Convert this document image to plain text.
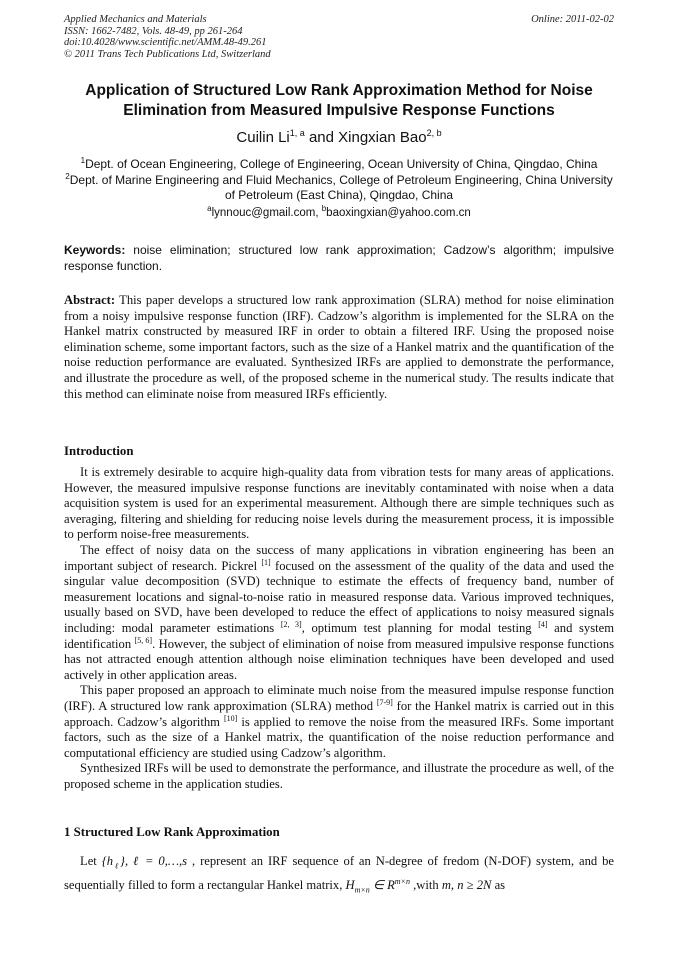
Applied Mechanics and Materials
ISSN: 1662-7482, Vols. 48-49, pp 261-264
doi:10.4028/www.scientific.net/AMM.48-49.261
© 2011 Trans Tech Publications Ltd, Switzerland
Online: 2011-02-02
Application of Structured Low Rank Approximation Method for Noise Elimination from Measured Impulsive Response Functions
Cuilin Li$^{1, a}$ and Xingxian Bao$^{2, b}$
$^1$Dept. of Ocean Engineering, College of Engineering, Ocean University of China, Qingdao, China
$^2$Dept. of Marine Engineering and Fluid Mechanics, College of Petroleum Engineering, China University of Petroleum (East China), Qingdao, China
$^a$lynnouc@gmail.com, $^b$baoxingxian@yahoo.com.cn
Keywords: noise elimination; structured low rank approximation; Cadzow’s algorithm; impulsive response function.
Abstract: This paper develops a structured low rank approximation (SLRA) method for noise elimination from a noisy impulsive response function (IRF). Cadzow’s algorithm is implemented for the SLRA on the Hankel matrix constructed by measured IRF in order to obtain a filtered IRF. Using the proposed noise elimination scheme, some important factors, such as the size of a Hankel matrix and the quantification of the noise reduction performance are evaluated. Synthesized IRFs are applied to demonstrate the performance, and illustrate the procedure as well, of the proposed scheme in the numerical study. The results indicate that this method can eliminate noise from measured IRFs efficiently.
Introduction

It is extremely desirable to acquire high-quality data from vibration tests for many areas of applications. However, the measured impulsive response functions are inevitably contaminated with noise when a data acquisition system is used for an experimental measurement. Although there are simple techniques such as averaging, filtering and shielding for reducing noise levels during the measurement process, it is impossible to perform noise-free measurements.

The effect of noisy data on the success of many applications in vibration engineering has been an important subject of research. Pickrel [1] focused on the assessment of the quality of the data and used the singular value decomposition (SVD) technique to estimate the effects of frequency band, number of measurement locations and signal-to-noise ratio in measured response data. Various improved techniques, usually based on SVD, have been developed to reduce the effect of applications to noisy measured signals including: modal parameter estimations [2, 3], optimum test planning for modal testing [4] and system identification [5, 6]. However, the subject of elimination of noise from measured impulsive response functions has not attracted enough attention although noise elimination techniques have been developed and used actively in other application areas.

This paper proposed an approach to eliminate much noise from the measured impulse response function (IRF). A structured low rank approximation (SLRA) method [7-9] for the Hankel matrix is carried out in this approach. Cadzow’s algorithm [10] is applied to remove the noise from the measured IRFs. Some important factors, such as the size of a Hankel matrix, the quantification of the noise reduction performance and computational efficiency are studied using Cadzow’s algorithm.

Synthesized IRFs will be used to demonstrate the performance, and illustrate the procedure as well, of the proposed scheme in the application studies.

1 Structured Low Rank Approximation

Let $\{h_\ell\}$, ℓ = 0,…,s , represent an IRF sequence of an N-degree of fredom (N-DOF) system, and be sequentially filled to form a rectangular Hankel matrix, $H_{m\times n}$ ∈ $R^{m\times n}$ ,with m, n ≥ 2N as
